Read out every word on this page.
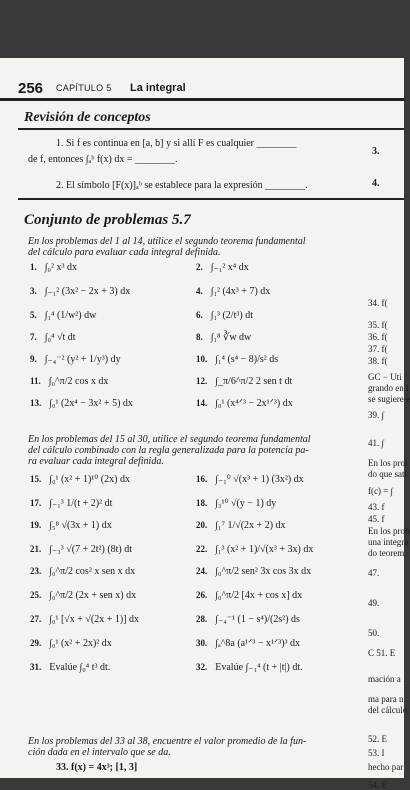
256 CAPÍTULO 5 La integral
Revisión de conceptos
1. Si f es continua en [a, b] y si allí F es cualquier ________
de f, entonces ∫ₐᵇ f(x) dx = ________.
2. El símbolo [F(x)]ₐᵇ se establece para la expresión ________.
3.
4.
Conjunto de problemas 5.7
En los problemas del 1 al 14, utilice el segundo teorema fundamental
del cálculo para evaluar cada integral definida.
1. ∫₀² x³ dx	2. ∫₋₁² x⁴ dx
3. ∫₋₁² (3x² − 2x + 3) dx	4. ∫₁² (4x³ + 7) dx
5. ∫₁⁴ (1/w²) dw	6. ∫₁³ (2/t³) dt
7. ∫₀⁴ √t dt	8. ∫₁⁸ ∛w dw
9. ∫₋₄⁻² (y² + 1/y³) dy	10. ∫₁⁴ (s⁴ − 8)/s² ds
11. ∫₀^π/2 cos x dx	12. ∫_π/6^π/2 2 sen t dt
13. ∫₀¹ (2x⁴ − 3x² + 5) dx	14. ∫₀¹ (x⁴ᐟ³ − 2x¹ᐟ³) dx
15. ∫₀¹ (x² + 1)¹⁰ (2x) dx	16. ∫₋₁⁰ √(x³ + 1) (3x²) dx
17. ∫₋₁³ 1/(t + 2)² dt	18. ∫₃¹⁰ √(y − 1) dy
19. ∫₅⁸ √(3x + 1) dx	20. ∫₁⁷ 1/√(2x + 2) dx
21. ∫₋₃³ √(7 + 2t²) (8t) dt	22. ∫₁³ (x² + 1)/√(x³ + 3x) dx
23. ∫₀^π/2 cos² x sen x dx	24. ∫₀^π/2 sen² 3x cos 3x dx
25. ∫₀^π/2 (2x + sen x) dx	26. ∫₀^π/2 [4x + cos x] dx
27. ∫₀¹ [√x + √(2x + 1)] dx	28. ∫₋₄⁻¹ (1 − s⁴)/(2s²) ds
29. ∫₀¹ (x² + 2x)² dx	30. ∫ₐ^8a (a¹ᐟ³ − x¹ᐟ³)³ dx
31. Evalúe ∫₀⁴ t³ dt.	32. Evalúe ∫₋₁⁴ (t + |t|) dt.
En los problemas del 15 al 30, utilice el segundo teorema fundamental
del cálculo combinado con la regla generalizada para la potencia pa-
ra evaluar cada integral definida.
En los problemas del 33 al 38, encuentre el valor promedio de la fun-
ción dada en el intervalo que se da.
33. f(x) = 4x³; [1, 3]
34. f(
35. f(
36. f(
37. f(
38. f(
GC − Uti
grando en l
se sugiere e
39. ∫
41. ∫
En los prol
do que sati
f(c) = ∫
43. f
45. f
En los prob
una integra
do teorem
47.
49.
50.
C 51. E
mación a
ma para n
del cálculo
52. E
53. I
hecho par
54. E
